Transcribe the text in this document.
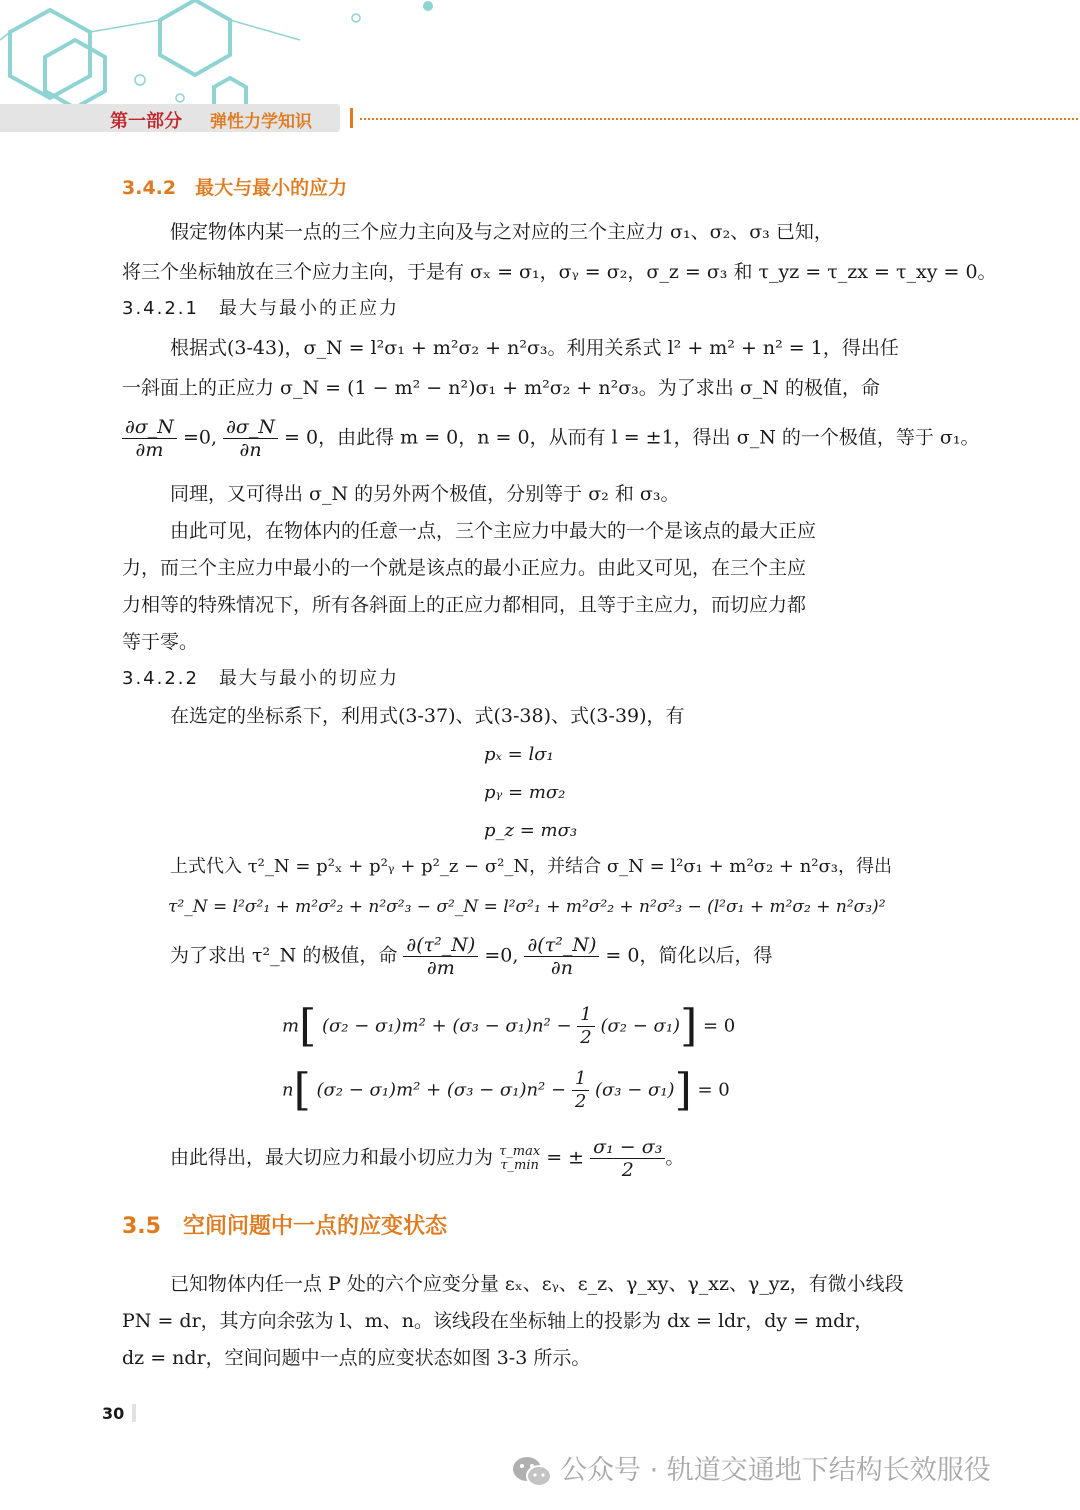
第一部分 弹性力学知识
3.4.2　最大与最小的应力
假定物体内某一点的三个应力主向及与之对应的三个主应力 σ₁、σ₂、σ₃ 已知，
将三个坐标轴放在三个应力主向，于是有 σₓ = σ₁，σᵧ = σ₂，σ_z = σ₃ 和 τ_yz = τ_zx = τ_xy = 0。
3.4.2.1　最大与最小的正应力
根据式(3-43)，σ_N = l²σ₁ + m²σ₂ + n²σ₃。利用关系式 l² + m² + n² = 1，得出任
一斜面上的正应力 σ_N = (1 − m² − n²)σ₁ + m²σ₂ + n²σ₃。为了求出 σ_N 的极值，命
$\frac{\partial\sigma\_N}{\partial m} =0$, $\frac{\partial\sigma\_N}{\partial n} = 0$，由此得 m = 0，n = 0，从而有 l = ±1，得出 σ_N 的一个极值，等于 σ₁。
同理，又可得出 σ_N 的另外两个极值，分别等于 σ₂ 和 σ₃。
由此可见，在物体内的任意一点，三个主应力中最大的一个是该点的最大正应
力，而三个主应力中最小的一个就是该点的最小正应力。由此又可见，在三个主应
力相等的特殊情况下，所有各斜面上的正应力都相同，且等于主应力，而切应力都
等于零。
3.4.2.2　最大与最小的切应力
在选定的坐标系下，利用式(3-37)、式(3-38)、式(3-39)，有
pₓ = lσ₁
pᵧ = mσ₂
p_z = mσ₃
上式代入 τ²_N = p²ₓ + p²ᵧ + p²_z − σ²_N，并结合 σ_N = l²σ₁ + m²σ₂ + n²σ₃，得出
τ²_N = l²σ²₁ + m²σ²₂ + n²σ²₃ − σ²_N = l²σ²₁ + m²σ²₂ + n²σ²₃ − (l²σ₁ + m²σ₂ + n²σ₃)²
为了求出 τ²_N 的极值，命 $\frac{\text{∂(τ²\_N)}}{\partial m} =0$, $\frac{\text{∂(τ²\_N)}}{\partial n} = 0$，简化以后，得
m[ $(\sigma_2 - \sigma_1)m^2 + (\sigma_3 - \sigma_1)n^2 - \frac{1}{2} (\sigma_2 - \sigma_1)] = 0$
n[ $(\sigma_2 - \sigma_1)m^2 + (\sigma_3 - \sigma_1)n^2 - \frac{1}{2} (\sigma_3 - \sigma_1)] = 0$
由此得出，最大切应力和最小切应力为 τ_max
τ_min = ± $\frac{\text{σ₁ − σ₃}}{2}$ 。
3.5　空间问题中一点的应变状态
已知物体内任一点 P 处的六个应变分量 εₓ、εᵧ、ε_z、γ_xy、γ_xz、γ_yz，有微小线段
PN = dr，其方向余弦为 l、m、n。该线段在坐标轴上的投影为 dx = ldr，dy = mdr，
dz = ndr，空间问题中一点的应变状态如图 3-3 所示。
30
公众号 · 轨道交通地下结构长效服役
